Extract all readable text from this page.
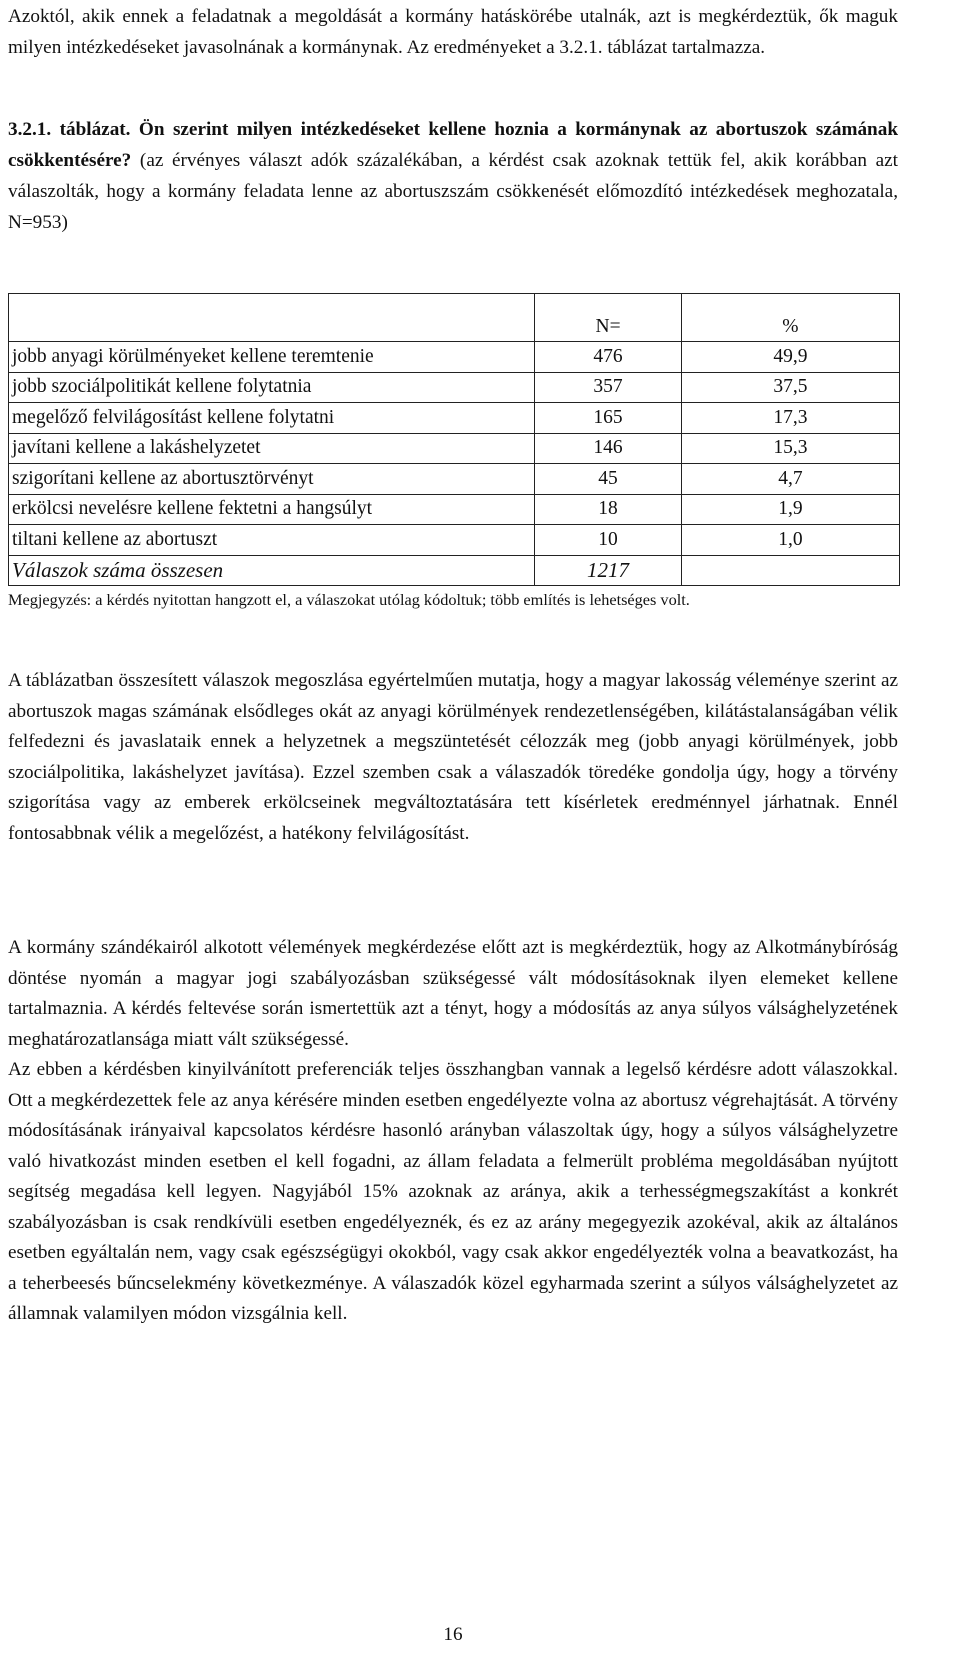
Azoktól, akik ennek a feladatnak a megoldását a kormány hatáskörébe utalnák, azt is megkérdeztük, ők maguk milyen intézkedéseket javasolnának a kormánynak. Az eredményeket a 3.2.1. táblázat tartalmazza.

3.2.1. táblázat. Ön szerint milyen intézkedéseket kellene hoznia a kormánynak az abortuszok számának csökkentésére? (az érvényes választ adók százalékában, a kérdést csak azoknak tettük fel, akik korábban azt válaszolták, hogy a kormány feladata lenne az abortuszszám csökkenését előmozdító intézkedések meghozatala, N=953)

	N=	%
jobb anyagi körülményeket kellene teremtenie	476	49,9
jobb szociálpolitikát kellene folytatnia	357	37,5
megelőző felvilágosítást kellene folytatni	165	17,3
javítani kellene a lakáshelyzetet	146	15,3
szigorítani kellene az abortusztörvényt	45	4,7
erkölcsi nevelésre kellene fektetni a hangsúlyt	18	1,9
tiltani kellene az abortuszt	10	1,0
Válaszok száma összesen	1217	

Megjegyzés: a kérdés nyitottan hangzott el, a válaszokat utólag kódoltuk; több említés is lehetséges volt.

A táblázatban összesített válaszok megoszlása egyértelműen mutatja, hogy a magyar lakosság véleménye szerint az abortuszok magas számának elsődleges okát az anyagi körülmények rendezetlenségében, kilátástalanságában vélik felfedezni és javaslataik ennek a helyzetnek a megszüntetését célozzák meg (jobb anyagi körülmények, jobb szociálpolitika, lakáshelyzet javítása). Ezzel szemben csak a válaszadók töredéke gondolja úgy, hogy a törvény szigorítása vagy az emberek erkölcseinek megváltoztatására tett kísérletek eredménnyel járhatnak. Ennél fontosabbnak vélik a megelőzést, a hatékony felvilágosítást.

A kormány szándékairól alkotott vélemények megkérdezése előtt azt is megkérdeztük, hogy az Alkotmánybíróság döntése nyomán a magyar jogi szabályozásban szükségessé vált módosításoknak ilyen elemeket kellene tartalmaznia. A kérdés feltevése során ismertettük azt a tényt, hogy a módosítás az anya súlyos válsághelyzetének meghatározatlansága miatt vált szükségessé.

Az ebben a kérdésben kinyilvánított preferenciák teljes összhangban vannak a legelső kérdésre adott válaszokkal. Ott a megkérdezettek fele az anya kérésére minden esetben engedélyezte volna az abortusz végrehajtását. A törvény módosításának irányaival kapcsolatos kérdésre hasonló arányban válaszoltak úgy, hogy a súlyos válsághelyzetre való hivatkozást minden esetben el kell fogadni, az állam feladata a felmerült probléma megoldásában nyújtott segítség megadása kell legyen. Nagyjából 15% azoknak az aránya, akik a terhességmegszakítást a konkrét szabályozásban is csak rendkívüli esetben engedélyeznék, és ez az arány megegyezik azokéval, akik az általános esetben egyáltalán nem, vagy csak egészségügyi okokból, vagy csak akkor engedélyezték volna a beavatkozást, ha a teherbeesés bűncselekmény következménye. A válaszadók közel egyharmada szerint a súlyos válsághelyzetet az államnak valamilyen módon vizsgálnia kell.

16
